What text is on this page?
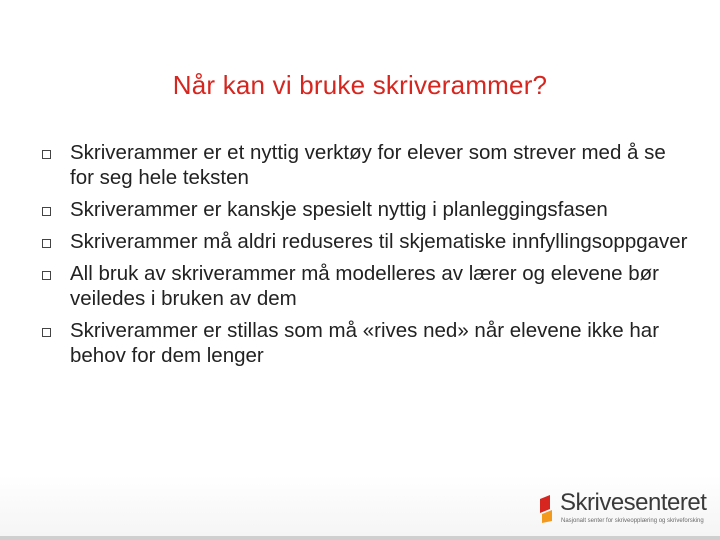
Når kan vi bruke skriverammer?
Skriverammer er et nyttig verktøy for elever som strever med å se for seg hele teksten
Skriverammer er kanskje spesielt nyttig i planleggingsfasen
Skriverammer må aldri reduseres til skjematiske innfyllingsoppgaver
All bruk av skriverammer må modelleres av lærer og elevene bør veiledes i bruken av dem
Skriverammer er stillas som må «rives ned» når elevene ikke har behov for dem lenger
Skrivesenteret
Nasjonalt senter for skriveopplæring og skriveforsking
